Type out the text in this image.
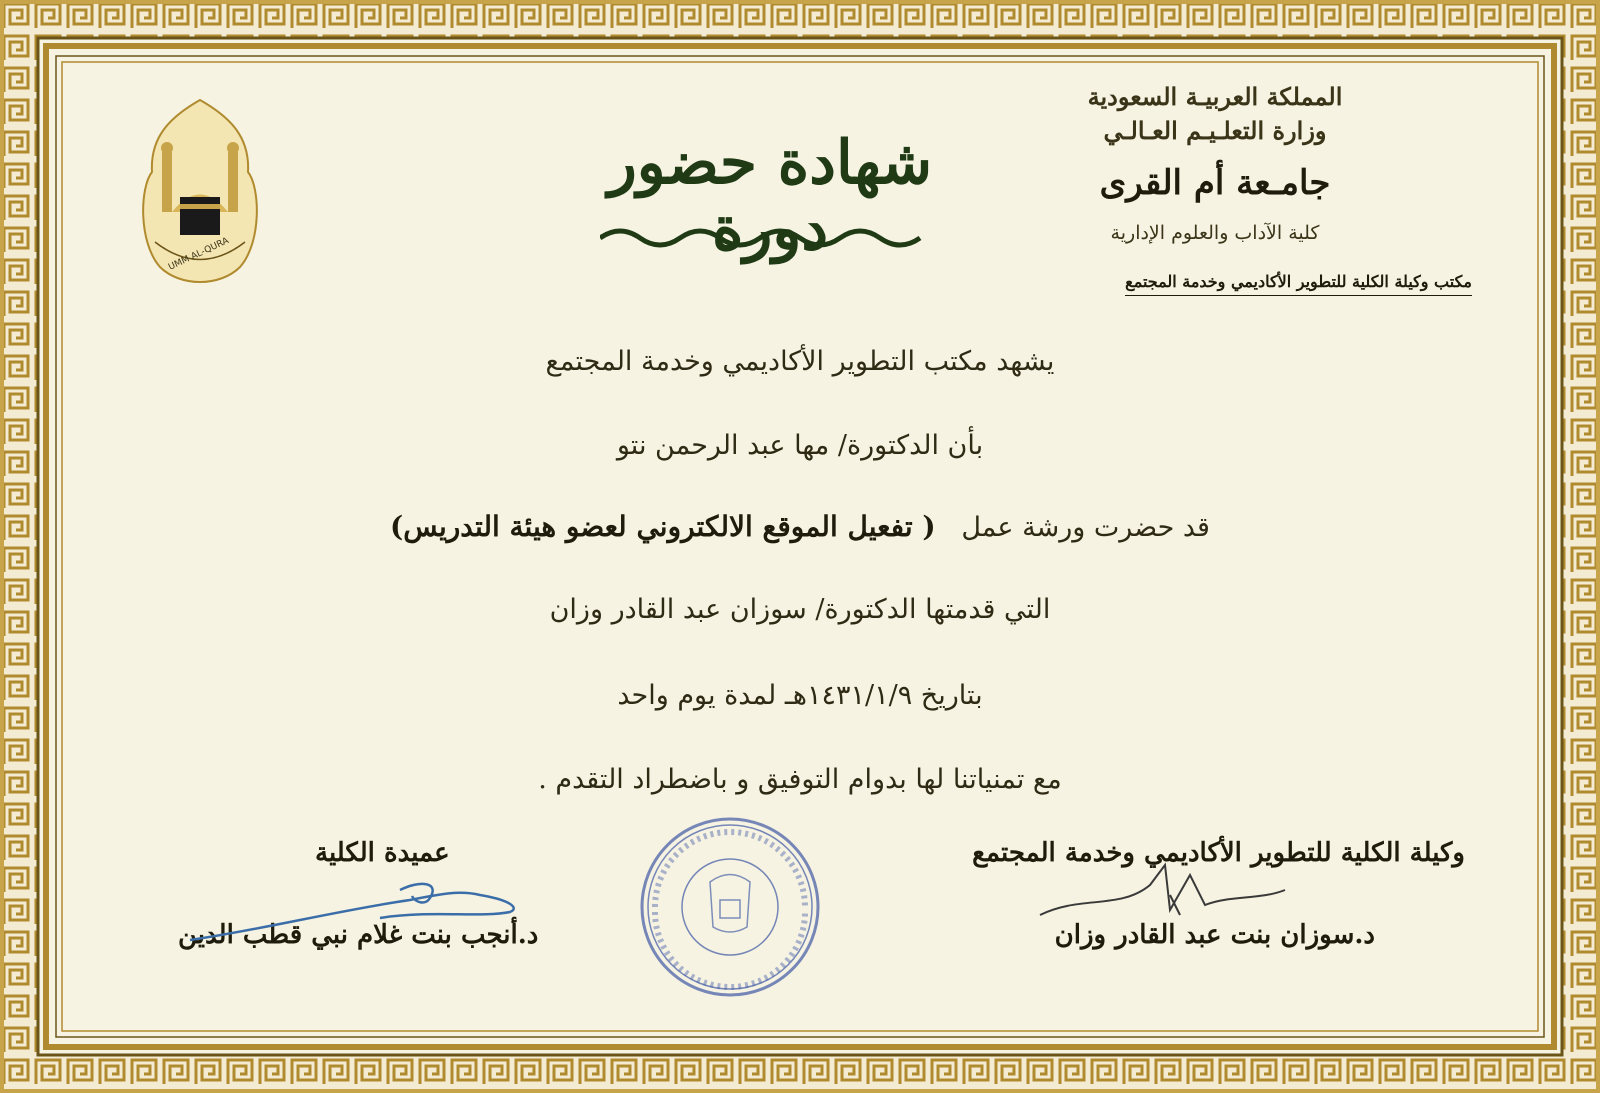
UMM AL-QURA
شهادة حضور دورة
المملكة العربيـة السعودية
وزارة التعلـيـم العـالـي
جامـعة أم القرى
كلية الآداب والعلوم الإدارية
مكتب وكيلة الكلية للتطوير الأكاديمي وخدمة المجتمع
يشهد مكتب التطوير الأكاديمي وخدمة المجتمع
بأن الدكتورة/ مها عبد الرحمن نتو
قد حضرت ورشة عمل   ( تفعيل الموقع الالكتروني لعضو هيئة التدريس)
التي قدمتها الدكتورة/ سوزان عبد القادر وزان
بتاريخ ١٤٣١/١/٩هـ لمدة يوم واحد
مع تمنياتنا لها بدوام التوفيق و باضطراد التقدم .
وكيلة الكلية للتطوير الأكاديمي وخدمة المجتمع
د.سوزان بنت عبد القادر وزان
عميدة الكلية
د.أنجب بنت غلام نبي قطب الدين
